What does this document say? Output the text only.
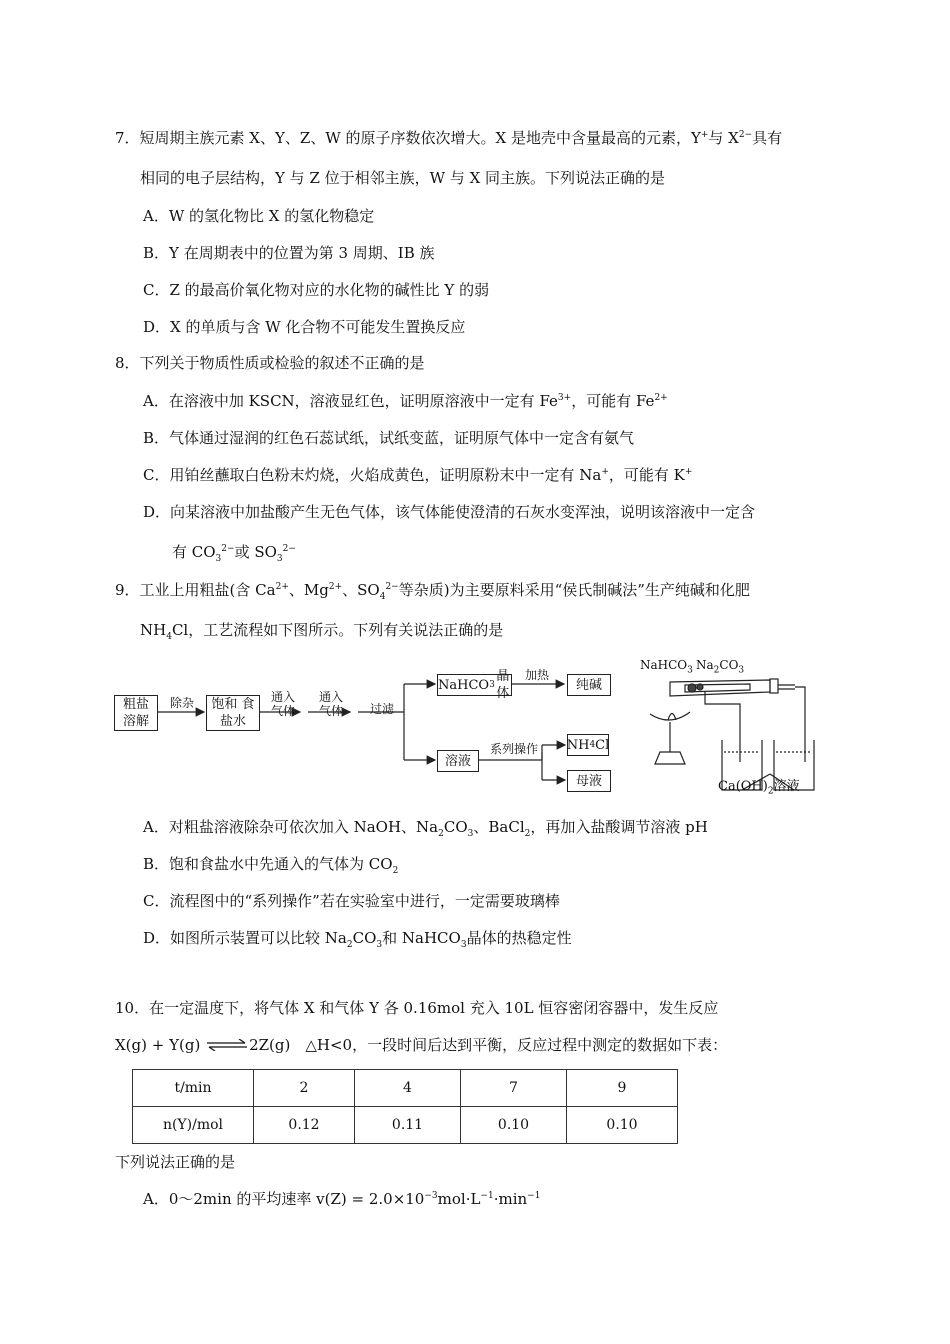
7．短周期主族元素 X、Y、Z、W 的原子序数依次增大。X 是地壳中含量最高的元素，Y+与 $X^{2-}$具有
相同的电子层结构，Y 与 Z 位于相邻主族，W 与 X 同主族。下列说法正确的是
A．W 的氢化物比 X 的氢化物稳定
B．Y 在周期表中的位置为第 3 周期、IB 族
C．Z 的最高价氧化物对应的水化物的碱性比 Y 的弱
D．X 的单质与含 W 化合物不可能发生置换反应
8．下列关于物质性质或检验的叙述不正确的是
A．在溶液中加 KSCN，溶液显红色，证明原溶液中一定有 $Fe^{3+}$，可能有 $Fe^{2+}$
B．气体通过湿润的红色石蕊试纸，试纸变蓝，证明原气体中一定含有氨气
C．用铂丝蘸取白色粉末灼烧，火焰成黄色，证明原粉末中一定有 Na+，可能有 K+
D．向某溶液中加盐酸产生无色气体，该气体能使澄清的石灰水变浑浊，说明该溶液中一定含
有 $CO_3^{2-}$或 $SO_3^{2-}$
9．工业上用粗盐(含 $Ca^{2+}$、$Mg^{2+}$、$SO_4^{2-}$等杂质)为主要原料采用“侯氏制碱法”生产纯碱和化肥
$NH_4Cl$，工艺流程如下图所示。下列有关说法正确的是
粗盐 溶解
除杂	饱和 食盐水
通入
气体
通入
气体	过滤
NaHCO 3
晶体
加热
纯碱
溶液
系列操作	NH 4 Cl
母液
NaHCO$_3$ $Na_2CO_3$
$Ca(OH)_2$溶液
A．对粗盐溶液除杂可依次加入 NaOH、$Na_2CO_3$、BaCl$_2$，再加入盐酸调节溶液 pH
B．饱和食盐水中先通入的气体为 $CO_2$
C．流程图中的“系列操作”若在实验室中进行，一定需要玻璃棒
D．如图所示装置可以比较 $Na_2CO_3$和 NaHCO$_3$晶体的热稳定性
10．在一定温度下，将气体 X 和气体 Y 各 0.16mol 充入 10L 恒容密闭容器中，发生反应
X(g) + Y(g) ⇌2Z(g)　△H<0，一段时间后达到平衡，反应过程中测定的数据如下表：
t/min	2	4	7	9
n(Y)/mol	0.12	0.11	0.10	0.10
下列说法正确的是
A．0～2min 的平均速率 $v(Z) = 2.0\times 10^{-3}mol\cdot L^{-1}\cdot\min^{-1}$
